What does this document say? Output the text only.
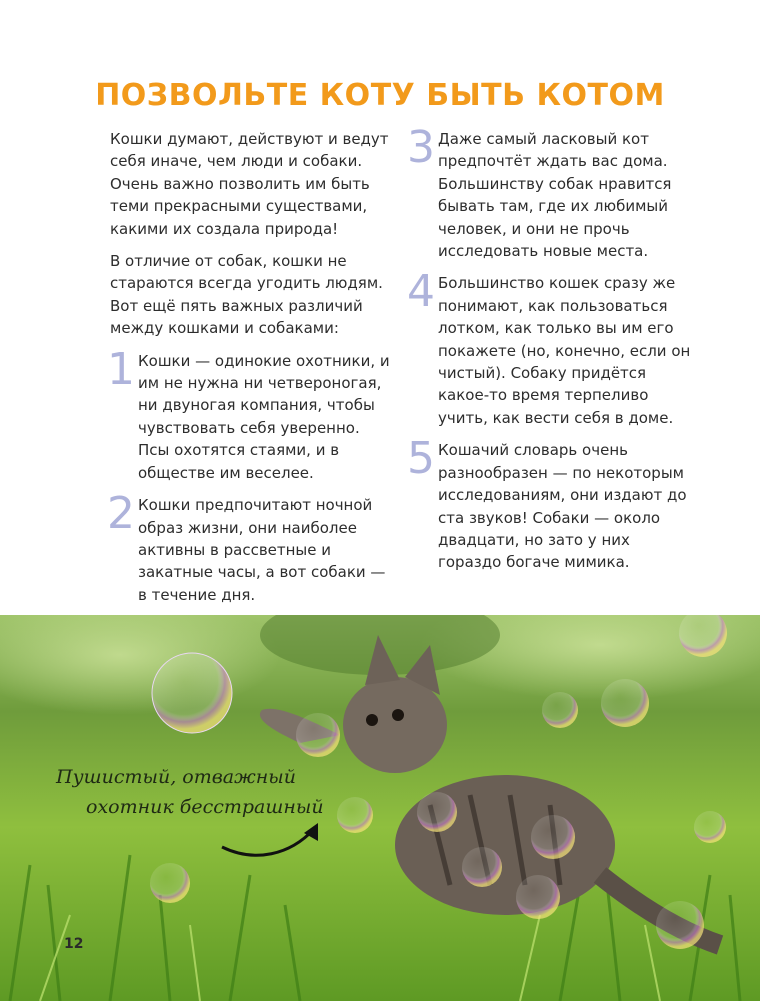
ПОЗВОЛЬТЕ КОТУ БЫТЬ КОТОМ

Кошки думают, действуют и ведут себя иначе, чем люди и собаки. Очень важно позволить им быть теми прекрасными существами, какими их создала природа!

В отличие от собак, кошки не стараются всегда угодить людям. Вот ещё пять важных различий между кошками и собаками:

1 Кошки — одинокие охотники, и им не нужна ни четвероногая, ни двуногая компания, чтобы чувствовать себя уверенно. Псы охотятся стаями, и в обществе им веселее.
2 Кошки предпочитают ночной образ жизни, они наиболее активны в рассветные и закатные часы, а вот собаки — в течение дня.
3 Даже самый ласковый кот предпочтёт ждать вас дома. Большинству собак нравится бывать там, где их любимый человек, и они не прочь исследовать новые места.
4 Большинство кошек сразу же понимают, как пользоваться лотком, как только вы им его покажете (но, конечно, если он чистый). Собаку придётся какое-то время терпеливо учить, как вести себя в доме.
5 Кошачий словарь очень разнообразен — по некоторым исследованиям, они издают до ста звуков! Собаки — около двадцати, но зато у них гораздо богаче мимика.
Пушистый, отважный
охотник бесстрашный
12
